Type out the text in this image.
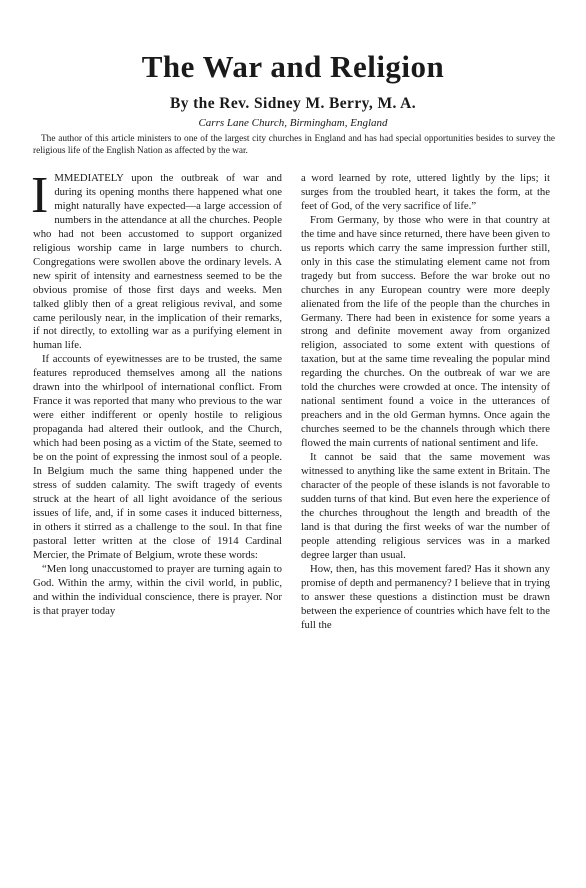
The War and Religion
By the Rev. Sidney M. Berry, M. A.
Carrs Lane Church, Birmingham, England
The author of this article ministers to one of the largest city churches in England and has had special opportunities besides to survey the religious life of the English Nation as affected by the war.

IMMEDIATELY upon the outbreak of war and during its opening months there happened what one might naturally have expected—a large accession of numbers in the attendance at all the churches. People who had not been accustomed to support organized religious worship came in large numbers to church. Congregations were swollen above the ordinary levels. A new spirit of intensity and earnestness seemed to be the obvious promise of those first days and weeks. Men talked glibly then of a great religious revival, and some came perilously near, in the implication of their remarks, if not directly, to extolling war as a purifying element in human life.

If accounts of eyewitnesses are to be trusted, the same features reproduced themselves among all the nations drawn into the whirlpool of international conflict. From France it was reported that many who previous to the war were either indifferent or openly hostile to religious propaganda had altered their outlook, and the Church, which had been posing as a victim of the State, seemed to be on the point of expressing the inmost soul of a people. In Belgium much the same thing happened under the stress of sudden calamity. The swift tragedy of events struck at the heart of all light avoidance of the serious issues of life, and, if in some cases it induced bitterness, in others it stirred as a challenge to the soul. In that fine pastoral letter written at the close of 1914 Cardinal Mercier, the Primate of Belgium, wrote these words:

“Men long unaccustomed to prayer are turning again to God. Within the army, within the civil world, in public, and within the individual conscience, there is prayer. Nor is that prayer today

a word learned by rote, uttered lightly by the lips; it surges from the troubled heart, it takes the form, at the feet of God, of the very sacrifice of life.”

From Germany, by those who were in that country at the time and have since returned, there have been given to us reports which carry the same impression further still, only in this case the stimulating element came not from tragedy but from success. Before the war broke out no churches in any European country were more deeply alienated from the life of the people than the churches in Germany. There had been in existence for some years a strong and definite movement away from organized religion, associated to some extent with questions of taxation, but at the same time revealing the popular mind regarding the churches. On the outbreak of war we are told the churches were crowded at once. The intensity of national sentiment found a voice in the utterances of preachers and in the old German hymns. Once again the churches seemed to be the channels through which there flowed the main currents of national sentiment and life.

It cannot be said that the same movement was witnessed to anything like the same extent in Britain. The character of the people of these islands is not favorable to sudden turns of that kind. But even here the experience of the churches throughout the length and breadth of the land is that during the first weeks of war the number of people attending religious services was in a marked degree larger than usual.

How, then, has this movement fared? Has it shown any promise of depth and permanency? I believe that in trying to answer these questions a distinction must be drawn between the experience of countries which have felt to the full the
